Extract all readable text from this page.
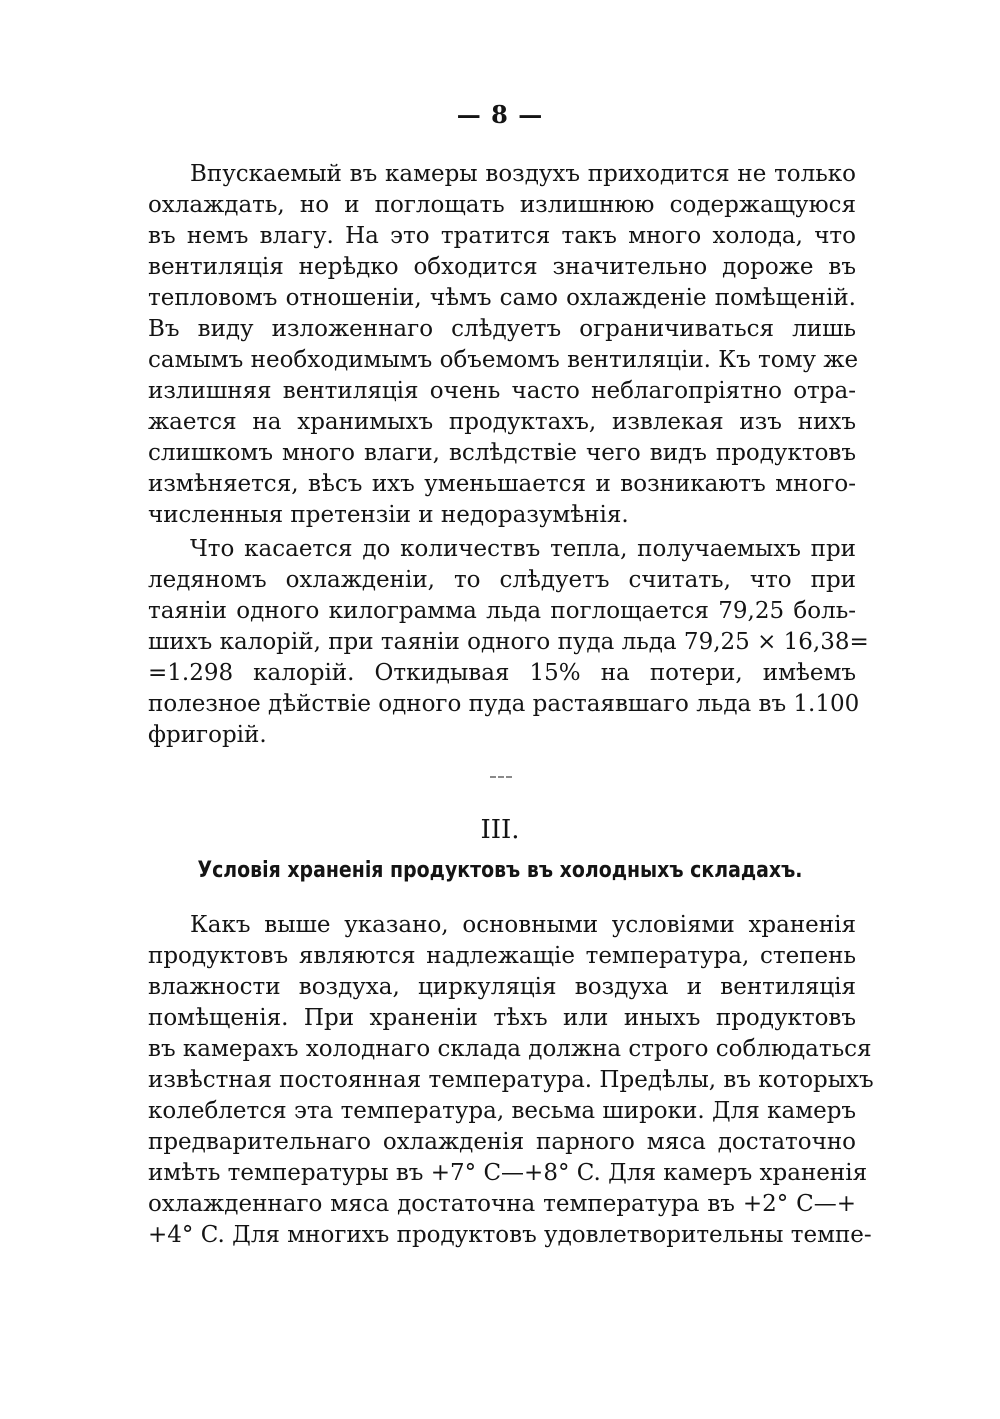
— 8 —
Впускаемый въ камеры воздухъ приходится не только
охлаждать, но и поглощать излишнюю содержащуюся
въ немъ влагу. На это тратится такъ много холода, что
вентиляція нерѣдко обходится значительно дороже въ
тепловомъ отношеніи, чѣмъ само охлажденіе помѣщеній.
Въ виду изложеннаго слѣдуетъ ограничиваться лишь
самымъ необходимымъ объемомъ вентиляціи. Къ тому же
излишняя вентиляція очень часто неблагопріятно отра-
жается на хранимыхъ продуктахъ, извлекая изъ нихъ
слишкомъ много влаги, вслѣдствіе чего видъ продуктовъ
измѣняется, вѣсъ ихъ уменьшается и возникаютъ много-
численныя претензіи и недоразумѣнія.
Что касается до количествъ тепла, получаемыхъ при
ледяномъ охлажденіи, то слѣдуетъ считать, что при
таяніи одного килограмма льда поглощается 79,25 боль-
шихъ калорій, при таяніи одного пуда льда 79,25 × 16,38=
=1.298 калорій. Откидывая 15% на потери, имѣемъ
полезное дѣйствіе одного пуда растаявшаго льда въ 1.100
фригорій.
III.
Условія храненія продуктовъ въ холодныхъ складахъ.
Какъ выше указано, основными условіями храненія
продуктовъ являются надлежащіе температура, степень
влажности воздуха, циркуляція воздуха и вентиляція
помѣщенія. При храненіи тѣхъ или иныхъ продуктовъ
въ камерахъ холоднаго склада должна строго соблюдаться
извѣстная постоянная температура. Предѣлы, въ которыхъ
колеблется эта температура, весьма широки. Для камеръ
предварительнаго охлажденія парного мяса достаточно
имѣть температуры въ +7° C—+8° C. Для камеръ храненія
охлажденнаго мяса достаточна температура въ +2° C—+
+4° C. Для многихъ продуктовъ удовлетворительны темпе-
